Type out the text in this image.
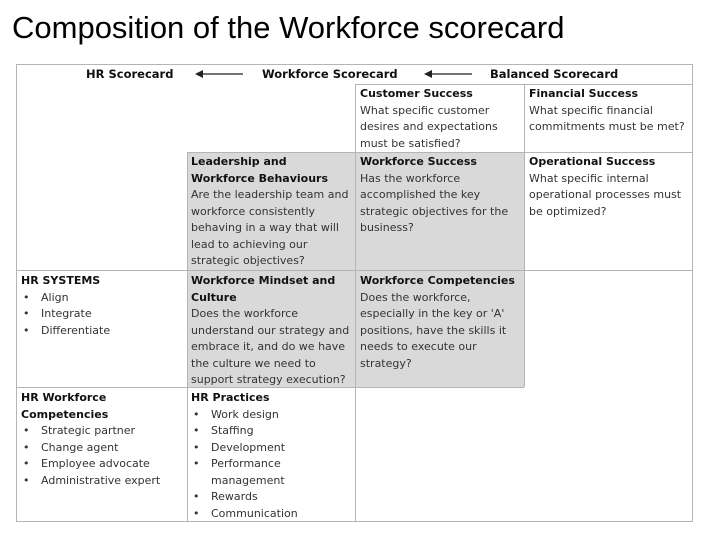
Composition of the Workforce scorecard
HR Scorecard	Workforce Scorecard	Balanced Scorecard
Leadership and Workforce Behaviours
Are the leadership team and workforce consistently behaving in a way that will lead to achieving our strategic objectives?
Workforce Success
Has the workforce accomplished the key strategic objectives for the business?
Workforce Mindset and Culture
Does the workforce understand our strategy and embrace it, and do we have the culture we need to support strategy execution?
Workforce Competencies
Does the workforce, especially in the key or 'A' positions, have the skills it needs to execute our strategy?
Customer Success
What specific customer desires and expectations must be satisfied?
Financial Success
What specific financial commitments must be met?
Operational Success
What specific internal operational processes must be optimized?
HR SYSTEMS
• Align
• Integrate
• Differentiate
HR Workforce Competencies
• Strategic partner
• Change agent
• Employee advocate
• Administrative expert
HR Practices
• Work design
• Staffing
• Development
• Performance management
• Rewards
• Communication
